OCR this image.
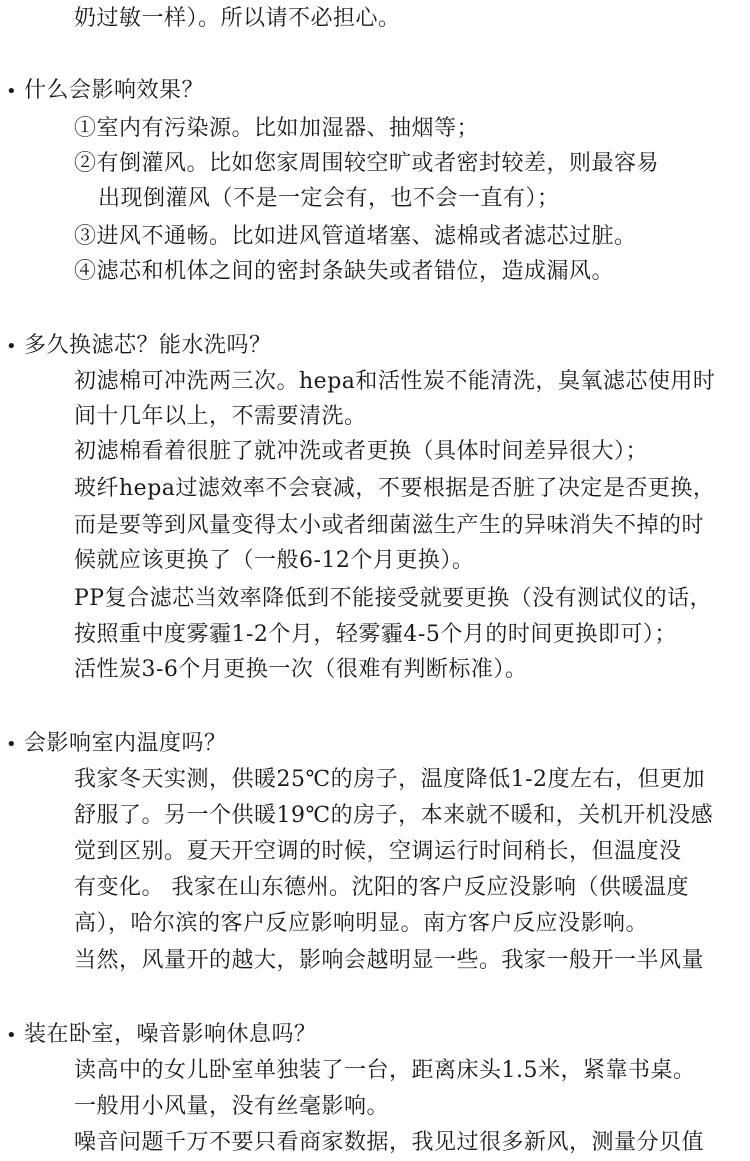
奶过敏一样）。所以请不必担心。
• 什么会影响效果？
①室内有污染源。比如加湿器、抽烟等；
②有倒灌风。比如您家周围较空旷或者密封较差，则最容易
出现倒灌风（不是一定会有，也不会一直有）；
③进风不通畅。比如进风管道堵塞、滤棉或者滤芯过脏。
④滤芯和机体之间的密封条缺失或者错位，造成漏风。
• 多久换滤芯？能水洗吗？
初滤棉可冲洗两三次。hepa和活性炭不能清洗，臭氧滤芯使用时
间十几年以上，不需要清洗。
初滤棉看着很脏了就冲洗或者更换（具体时间差异很大）；
玻纤hepa过滤效率不会衰减，不要根据是否脏了决定是否更换，
而是要等到风量变得太小或者细菌滋生产生的异味消失不掉的时
候就应该更换了（一般6-12个月更换）。
PP复合滤芯当效率降低到不能接受就要更换（没有测试仪的话，
按照重中度雾霾1-2个月，轻雾霾4-5个月的时间更换即可）；
活性炭3-6个月更换一次（很难有判断标准）。
• 会影响室内温度吗？
我家冬天实测，供暖25℃的房子，温度降低1-2度左右，但更加
舒服了。另一个供暖19℃的房子，本来就不暖和，关机开机没感
觉到区别。夏天开空调的时候，空调运行时间稍长，但温度没
有变化。 我家在山东德州。沈阳的客户反应没影响（供暖温度
高），哈尔滨的客户反应影响明显。南方客户反应没影响。
当然，风量开的越大，影响会越明显一些。我家一般开一半风量
• 装在卧室，噪音影响休息吗？
读高中的女儿卧室单独装了一台，距离床头1.5米，紧靠书桌。
一般用小风量，没有丝毫影响。
噪音问题千万不要只看商家数据，我见过很多新风，测量分贝值
